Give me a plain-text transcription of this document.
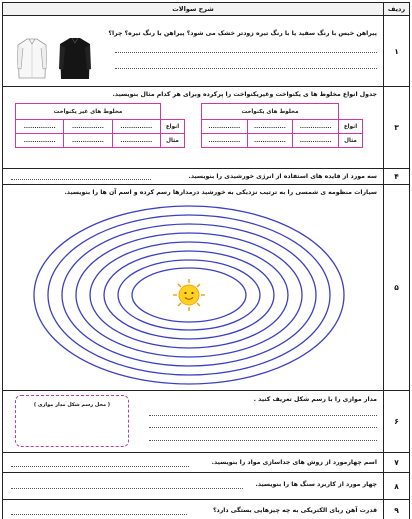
ردیف
شرح سوالات
۱
پیراهن خیس با رنگ سفید یا با رنگ تیره زودتر خشک می شود؟ پیراهن با رنگ تیره؟ چرا؟
۳
جدول انواع مخلوط ها ی یکنواخت وغیریکنواخت را پرکرده وبرای هر کدام مثال بنویسید.
مخلوط های یکنواخت			
...............	...............	...............	انواع
...............	...............	...............	مثال
مخلوط های غیر یکنواخت			
...............	...............	...............	انواع
...............	...............	...............	مثال
۴
سه مورد از فایده های استفاده از انرژی خورشیدی را بنویسید.
۵
سیارات منظومه ی شمسی را به ترتیب نزدیکی به خورشید درمدارها رسم کرده و اسم آن ها را بنویسید.
۶
مدار موازی را با رسم شکل تعریف کنید .
( محل رسم شکل مدار موازی )
۷
اسم چهارمورد از روش های جداسازی مواد را بنویسید.
۸
چهار مورد از کاربرد سنگ ها را بنویسید.
۹
قدرت آهن ربای الکتریکی به چه چیزهایی بستگی دارد؟
